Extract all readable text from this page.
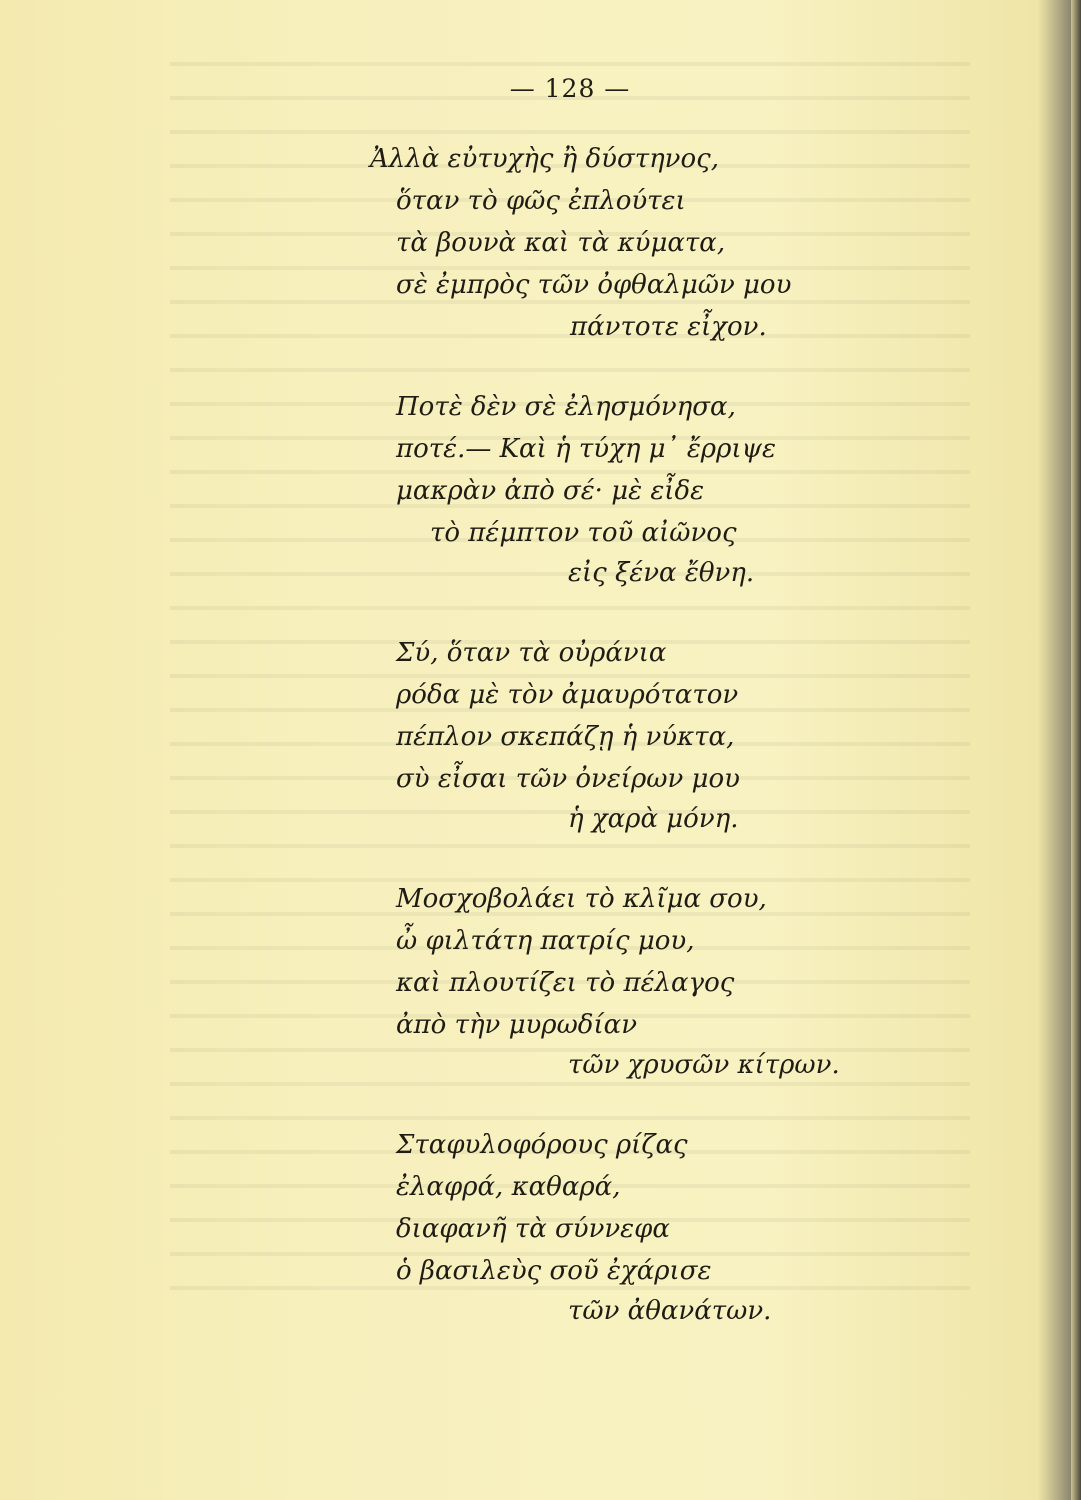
— 128 —
Ἀλλὰ εὐτυχὴς ἢ δύστηνος,
ὅταν τὸ φῶς ἐπλούτει
τὰ βουνὰ καὶ τὰ κύματα,
σὲ ἐμπρὸς τῶν ὀφθαλμῶν μου
πάντοτε εἶχον.
Ποτὲ δὲν σὲ ἐλησμόνησα,
ποτέ.— Καὶ ἡ τύχη μ᾽ ἔρριψε
μακρὰν ἀπὸ σέ· μὲ εἶδε
τὸ πέμπτον τοῦ αἰῶνος
εἰς ξένα ἔθνη.
Σύ, ὅταν τὰ οὐράνια
ρόδα μὲ τὸν ἀμαυρότατον
πέπλον σκεπάζῃ ἡ νύκτα,
σὺ εἶσαι τῶν ὀνείρων μου
ἡ χαρὰ μόνη.
Μοσχοβολάει τὸ κλῖμα σου,
ὦ φιλτάτη πατρίς μου,
καὶ πλουτίζει τὸ πέλαγος
ἀπὸ τὴν μυρωδίαν
τῶν χρυσῶν κίτρων.
Σταφυλοφόρους ρίζας
ἐλαφρά, καθαρά,
διαφανῆ τὰ σύννεφα
ὁ βασιλεὺς σοῦ ἐχάρισε
τῶν ἀθανάτων.
